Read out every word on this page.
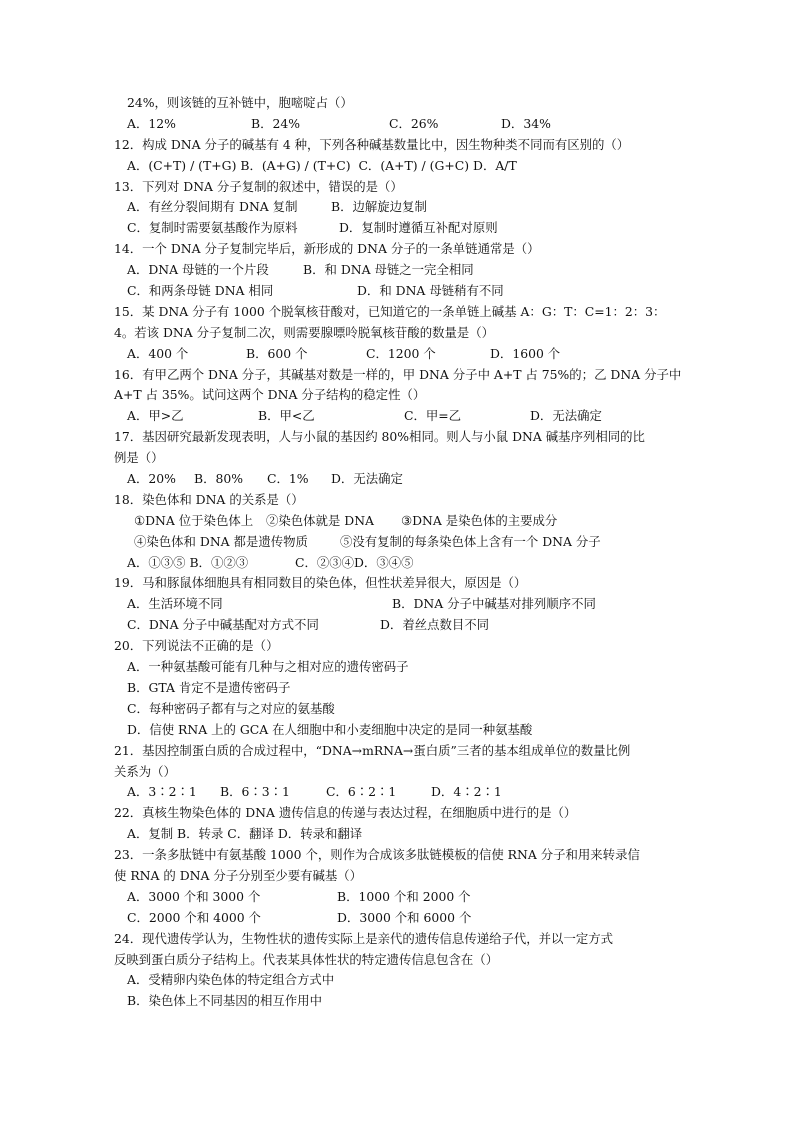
24%，则该链的互补链中，胞嘧啶占（）
A．12%	B．24%	C．26%	D．34%
12．构成 DNA 分子的碱基有 4 种，下列各种碱基数量比中，因生物种类不同而有区别的（）
A．(C+T) / (T+G) B．(A+G) / (T+C)  C．(A+T) / (G+C) D．A/T
13．下列对 DNA 分子复制的叙述中，错误的是（）
A．有丝分裂间期有 DNA 复制	B．边解旋边复制
C．复制时需要氨基酸作为原料	D．复制时遵循互补配对原则
14．一个 DNA 分子复制完毕后，新形成的 DNA 分子的一条单链通常是（）
A．DNA 母链的一个片段	B．和 DNA 母链之一完全相同
C．和两条母链 DNA 相同	D．和 DNA 母链稍有不同
15．某 DNA 分子有 1000 个脱氧核苷酸对，已知道它的一条单链上碱基 A：G：T：C=1：2：3：
4。若该 DNA 分子复制二次，则需要腺嘌呤脱氧核苷酸的数量是（）
A．400 个	B．600 个	C．1200 个	D．1600 个
16．有甲乙两个 DNA 分子，其碱基对数是一样的，甲 DNA 分子中 A+T 占 75%的；乙 DNA 分子中
A+T 占 35%。试问这两个 DNA 分子结构的稳定性（）
A．甲>乙	B．甲<乙	C．甲=乙	D．无法确定
17．基因研究最新发现表明，人与小鼠的基因约 80%相同。则人与小鼠 DNA 碱基序列相同的比
例是（）
A．20%	B．80%	C．1%	D．无法确定
18．染色体和 DNA 的关系是（）
①DNA 位于染色体上	②染色体就是 DNA	③DNA 是染色体的主要成分
④染色体和 DNA 都是遗传物质	⑤没有复制的每条染色体上含有一个 DNA 分子
A．①③⑤ B．①②③	C．②③④ D．③④⑤
19．马和豚鼠体细胞具有相同数目的染色体，但性状差异很大，原因是（）
A．生活环境不同	B．DNA 分子中碱基对排列顺序不同
C．DNA 分子中碱基配对方式不同	D．着丝点数目不同
20．下列说法不正确的是（）
A．一种氨基酸可能有几种与之相对应的遗传密码子
B．GTA 肯定不是遗传密码子
C．每种密码子都有与之对应的氨基酸
D．信使 RNA 上的 GCA 在人细胞中和小麦细胞中决定的是同一种氨基酸
21．基因控制蛋白质的合成过程中，“DNA→mRNA→蛋白质”三者的基本组成单位的数量比例
关系为（）
A．3∶2∶1	B．6∶3∶1	C．6∶2∶1	D．4∶2∶1
22．真核生物染色体的 DNA 遗传信息的传递与表达过程，在细胞质中进行的是（）
A．复制 B．转录 C．翻译 D．转录和翻译
23．一条多肽链中有氨基酸 1000 个，则作为合成该多肽链模板的信使 RNA 分子和用来转录信
使 RNA 的 DNA 分子分别至少要有碱基（）
A．3000 个和 3000 个	B．1000 个和 2000 个
C．2000 个和 4000 个	D．3000 个和 6000 个
24．现代遗传学认为，生物性状的遗传实际上是亲代的遗传信息传递给子代，并以一定方式
反映到蛋白质分子结构上。代表某具体性状的特定遗传信息包含在（）
A．受精卵内染色体的特定组合方式中
B．染色体上不同基因的相互作用中
